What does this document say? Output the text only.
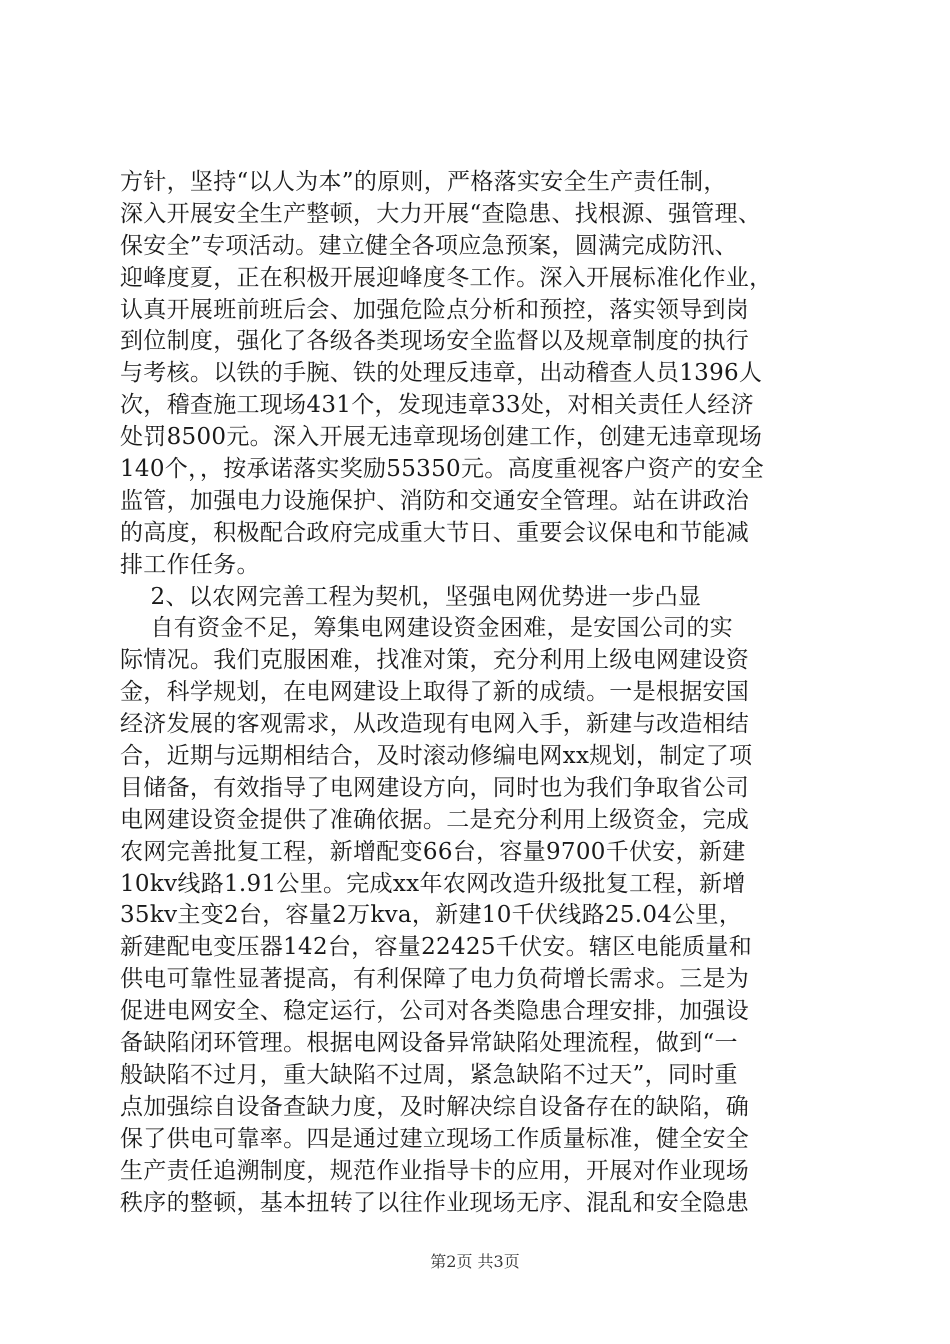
方针，坚持“以人为本”的原则，严格落实安全生产责任制，
深入开展安全生产整顿，大力开展“查隐患、找根源、强管理、
保安全”专项活动。建立健全各项应急预案，圆满完成防汛、
迎峰度夏，正在积极开展迎峰度冬工作。深入开展标准化作业，
认真开展班前班后会、加强危险点分析和预控，落实领导到岗
到位制度，强化了各级各类现场安全监督以及规章制度的执行
与考核。以铁的手腕、铁的处理反违章，出动稽查人员1396人
次，稽查施工现场431个，发现违章33处，对相关责任人经济
处罚8500元。深入开展无违章现场创建工作，创建无违章现场
140个，，按承诺落实奖励55350元。高度重视客户资产的安全
监管，加强电力设施保护、消防和交通安全管理。站在讲政治
的高度，积极配合政府完成重大节日、重要会议保电和节能减
排工作任务。
2、以农网完善工程为契机，坚强电网优势进一步凸显
自有资金不足，筹集电网建设资金困难，是安国公司的实
际情况。我们克服困难，找准对策，充分利用上级电网建设资
金，科学规划，在电网建设上取得了新的成绩。一是根据安国
经济发展的客观需求，从改造现有电网入手，新建与改造相结
合，近期与远期相结合，及时滚动修编电网xx规划，制定了项
目储备，有效指导了电网建设方向，同时也为我们争取省公司
电网建设资金提供了准确依据。二是充分利用上级资金，完成
农网完善批复工程，新增配变66台，容量9700千伏安，新建
10kv线路1.91公里。完成xx年农网改造升级批复工程，新增
35kv主变2台，容量2万kva，新建10千伏线路25.04公里，
新建配电变压器142台，容量22425千伏安。辖区电能质量和
供电可靠性显著提高，有利保障了电力负荷增长需求。三是为
促进电网安全、稳定运行，公司对各类隐患合理安排，加强设
备缺陷闭环管理。根据电网设备异常缺陷处理流程，做到“一
般缺陷不过月，重大缺陷不过周，紧急缺陷不过天”，同时重
点加强综自设备查缺力度，及时解决综自设备存在的缺陷，确
保了供电可靠率。四是通过建立现场工作质量标准，健全安全
生产责任追溯制度，规范作业指导卡的应用，开展对作业现场
秩序的整顿，基本扭转了以往作业现场无序、混乱和安全隐患
第2页 共3页
